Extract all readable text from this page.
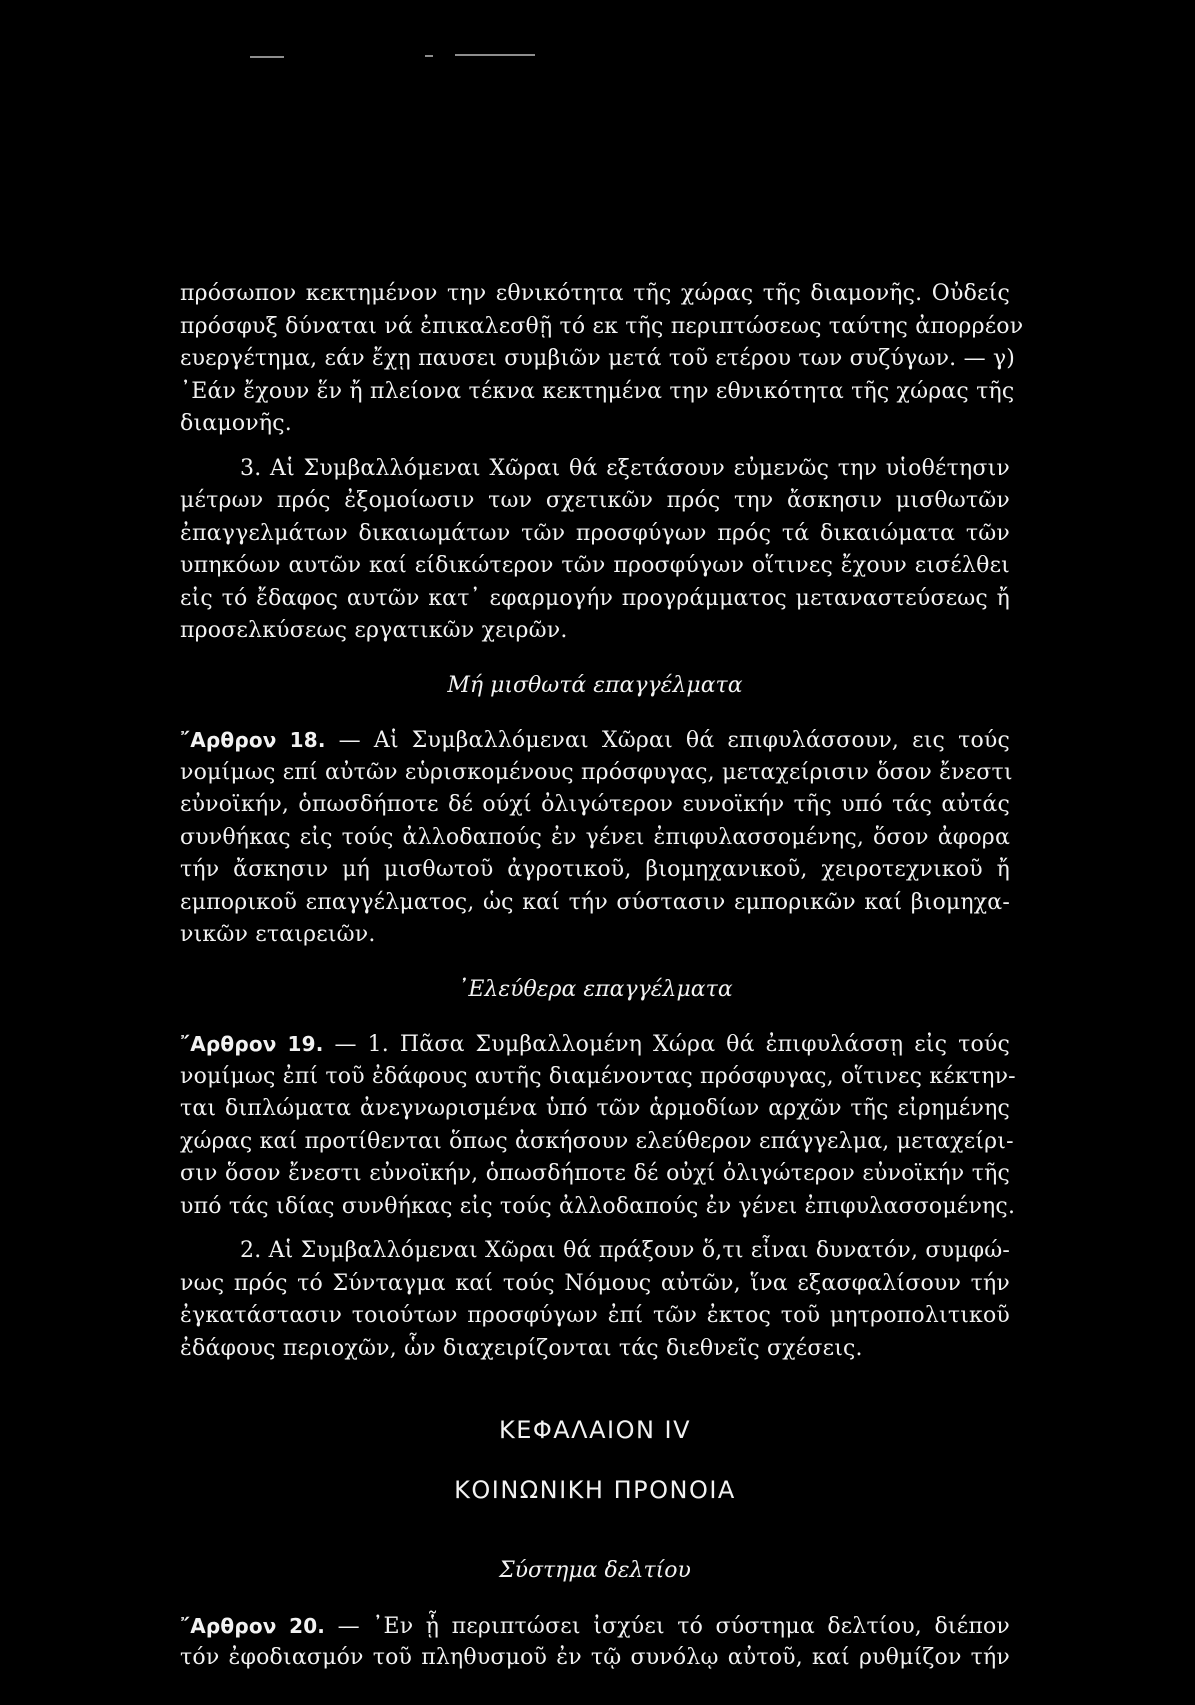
πρόσωπον κεκτημένον την εθνικότητα τῆς χώρας τῆς διαμονῆς. Οὐδείς
πρόσφυξ δύναται νά ἐπικαλεσθῇ τό εκ τῆς περιπτώσεως ταύτης ἀπορρέον
ευεργέτημα, εάν ἔχῃ παυσει συμβιῶν μετά τοῦ ετέρου των συζύγων. — γ)
᾿Εάν ἔχουν ἕν ἤ πλείονα τέκνα κεκτημένα την εθνικότητα τῆς χώρας τῆς
διαμονῆς.
3. Αἱ Συμβαλλόμεναι Χῶραι θά εξετάσουν εὐμενῶς την υἱοθέτησιν
μέτρων πρός ἐξομοίωσιν των σχετικῶν πρός την ἄσκησιν μισθωτῶν
ἐπαγγελμάτων δικαιωμάτων τῶν προσφύγων πρός τά δικαιώματα τῶν
υπηκόων αυτῶν καί είδικώτερον τῶν προσφύγων οἵτινες ἔχουν εισέλθει
εἰς τό ἔδαφος αυτῶν κατ᾿ εφαρμογήν προγράμματος μεταναστεύσεως ἤ
προσελκύσεως εργατικῶν χειρῶν.
Μή μισθωτά επαγγέλματα
῎Αρθρον 18. — Αἱ Συμβαλλόμεναι Χῶραι θά επιφυλάσσουν, εις τούς
νομίμως επί αὐτῶν εὑρισκομένους πρόσφυγας, μεταχείρισιν ὅσον ἔνεστι
εὐνοϊκήν, ὁπωσδήποτε δέ ούχί ὀλιγώτερον ευνοϊκήν τῆς υπό τάς αὐτάς
συνθήκας εἰς τούς ἀλλοδαπούς ἐν γένει ἐπιφυλασσομένης, ὅσον ἀφορα
τήν ἄσκησιν μή μισθωτοῦ ἀγροτικοῦ, βιομηχανικοῦ, χειροτεχνικοῦ ἤ
εμπορικοῦ επαγγέλματος, ὡς καί τήν σύστασιν εμπορικῶν καί βιομηχα-
νικῶν εταιρειῶν.
᾿Ελεύθερα επαγγέλματα
῎Αρθρον 19. — 1. Πᾶσα Συμβαλλομένη Χώρα θά ἐπιφυλάσσῃ εἰς τούς
νομίμως ἐπί τοῦ ἐδάφους αυτῆς διαμένοντας πρόσφυγας, οἵτινες κέκτην-
ται διπλώματα ἀνεγνωρισμένα ὑπό τῶν ἁρμοδίων αρχῶν τῆς εἰρημένης
χώρας καί προτίθενται ὅπως ἀσκήσουν ελεύθερον επάγγελμα, μεταχείρι-
σιν ὅσον ἔνεστι εὐνοϊκήν, ὁπωσδήποτε δέ οὐχί ὀλιγώτερον εὐνοϊκήν τῆς
υπό τάς ιδίας συνθήκας εἰς τούς ἀλλοδαπούς ἐν γένει ἐπιφυλασσομένης.
2. Αἱ Συμβαλλόμεναι Χῶραι θά πράξουν ὅ,τι εἶναι δυνατόν, συμφώ-
νως πρός τό Σύνταγμα καί τούς Νόμους αὐτῶν, ἵνα εξασφαλίσουν τήν
ἐγκατάστασιν τοιούτων προσφύγων ἐπί τῶν ἐκτος τοῦ μητροπολιτικοῦ
ἐδάφους περιοχῶν, ὧν διαχειρίζονται τάς διεθνεῖς σχέσεις.
ΚΕΦΑΛΑΙΟΝ IV
ΚΟΙΝΩΝΙΚΗ ΠΡΟΝΟΙΑ
Σύστημα δελτίου
῎Αρθρον 20. — ᾿Εν ᾗ περιπτώσει ἰσχύει τό σύστημα δελτίου, διέπον
τόν ἐφοδιασμόν τοῦ πληθυσμοῦ ἐν τῷ συνόλῳ αὐτοῦ, καί ρυθμίζον τήν
